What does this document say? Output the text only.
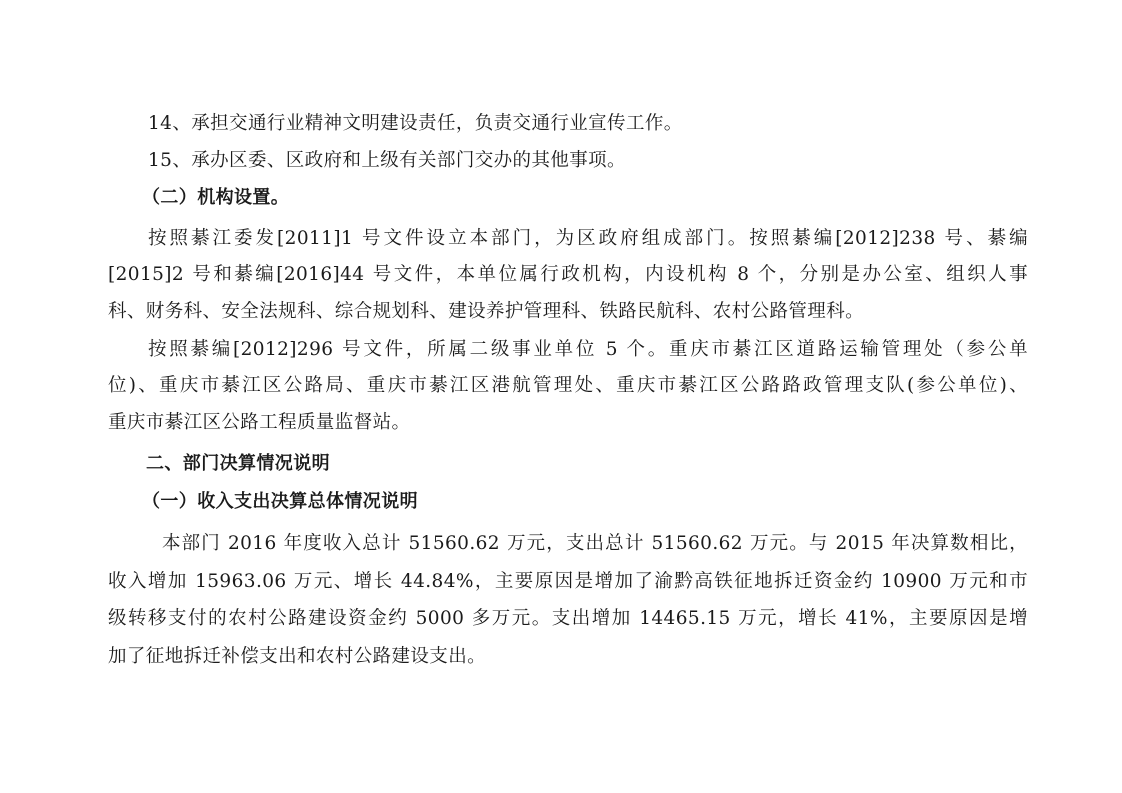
14、承担交通行业精神文明建设责任，负责交通行业宣传工作。
15、承办区委、区政府和上级有关部门交办的其他事项。
（二）机构设置。
按照綦江委发[2011]1 号文件设立本部门，为区政府组成部门。按照綦编[2012]238 号、綦编
[2015]2 号和綦编[2016]44 号文件，本单位属行政机构，内设机构 8 个，分别是办公室、组织人事
科、财务科、安全法规科、综合规划科、建设养护管理科、铁路民航科、农村公路管理科。
按照綦编[2012]296 号文件，所属二级事业单位 5 个。重庆市綦江区道路运输管理处（参公单
位)、重庆市綦江区公路局、重庆市綦江区港航管理处、重庆市綦江区公路路政管理支队(参公单位)、
重庆市綦江区公路工程质量监督站。
二、部门决算情况说明
（一）收入支出决算总体情况说明
本部门 2016 年度收入总计 51560.62 万元，支出总计 51560.62 万元。与 2015 年决算数相比，
收入增加 15963.06 万元、增长 44.84%，主要原因是增加了渝黔高铁征地拆迁资金约 10900 万元和市
级转移支付的农村公路建设资金约 5000 多万元。支出增加 14465.15 万元，增长 41%，主要原因是增
加了征地拆迁补偿支出和农村公路建设支出。
